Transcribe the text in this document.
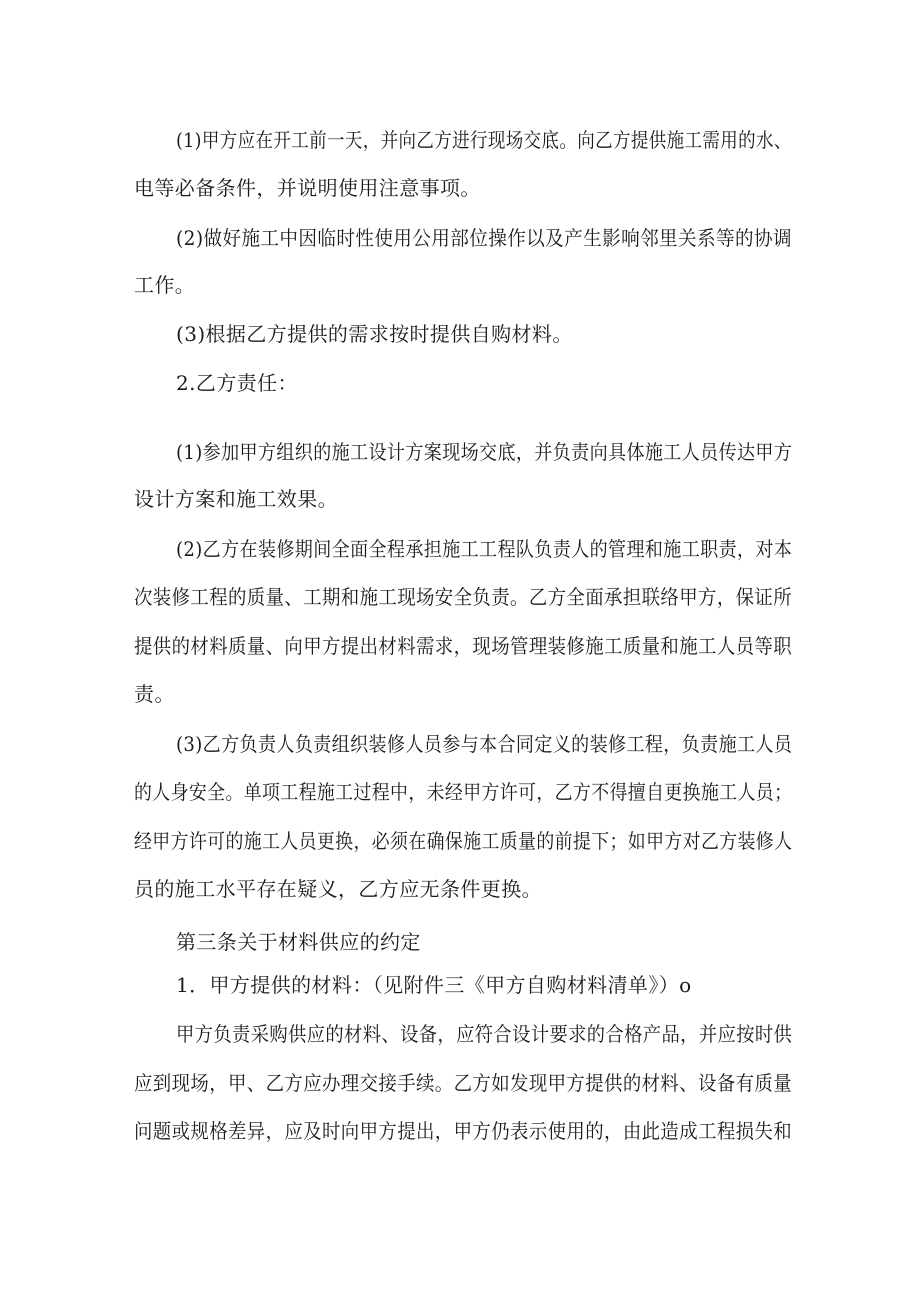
(1)甲方应在开工前一天，并向乙方进行现场交底。向乙方提供施工需用的水、
电等必备条件，并说明使用注意事项。
(2)做好施工中因临时性使用公用部位操作以及产生影响邻里关系等的协调
工作。
(3)根据乙方提供的需求按时提供自购材料。
2.乙方责任：
(1)参加甲方组织的施工设计方案现场交底，并负责向具体施工人员传达甲方
设计方案和施工效果。
(2)乙方在装修期间全面全程承担施工工程队负责人的管理和施工职责，对本
次装修工程的质量、工期和施工现场安全负责。乙方全面承担联络甲方，保证所
提供的材料质量、向甲方提出材料需求，现场管理装修施工质量和施工人员等职
责。
(3)乙方负责人负责组织装修人员参与本合同定义的装修工程，负责施工人员
的人身安全。单项工程施工过程中，未经甲方许可，乙方不得擅自更换施工人员；
经甲方许可的施工人员更换，必须在确保施工质量的前提下；如甲方对乙方装修人
员的施工水平存在疑义，乙方应无条件更换。
第三条关于材料供应的约定
1．甲方提供的材料：（见附件三《甲方自购材料清单》）o
甲方负责采购供应的材料、设备，应符合设计要求的合格产品，并应按时供
应到现场，甲、乙方应办理交接手续。乙方如发现甲方提供的材料、设备有质量
问题或规格差异，应及时向甲方提出，甲方仍表示使用的，由此造成工程损失和
